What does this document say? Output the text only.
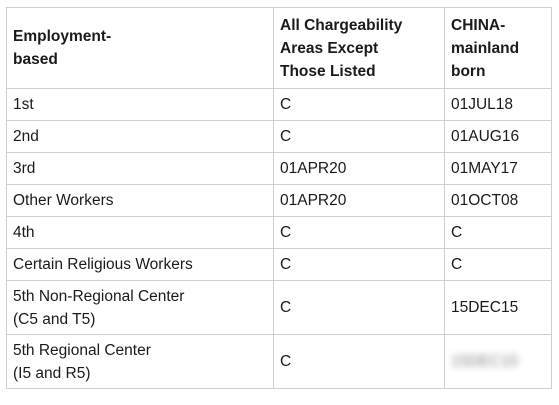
Employment-
based	All Chargeability
Areas Except
Those Listed	CHINA-
mainland
born

1st	C	01JUL18
2nd	C	01AUG16
3rd	01APR20	01MAY17
Other Workers	01APR20	01OCT08
4th	C	C
Certain Religious Workers	C	C

5th Non-Regional Center
(C5 and T5)	C	15DEC15

5th Regional Center
(I5 and R5)	C	15DEC15
